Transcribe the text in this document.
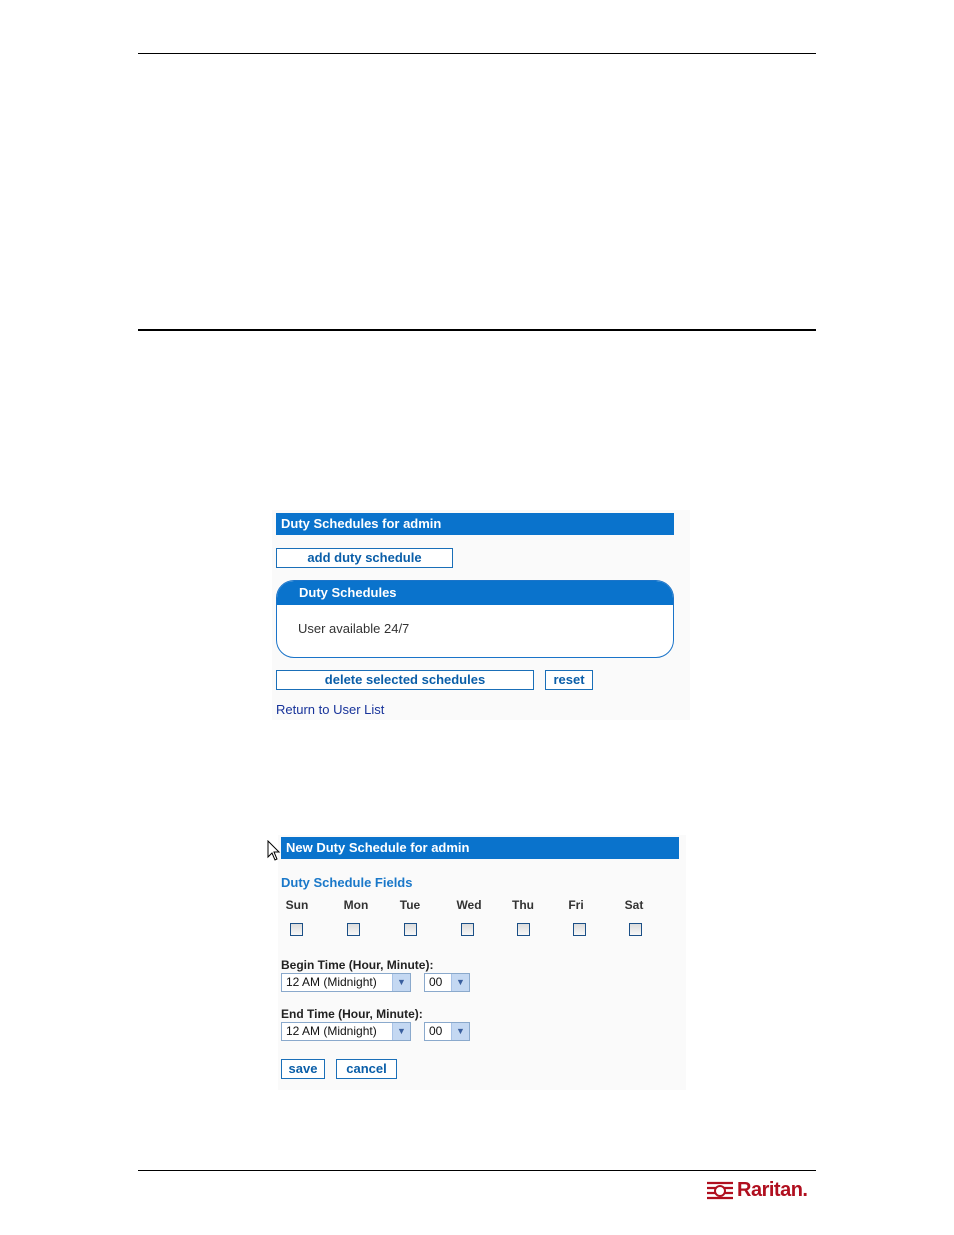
Duty Schedules for admin
add duty schedule
Duty Schedules
User available 24/7
delete selected schedules	reset
Return to User List
New Duty Schedule for admin
Duty Schedule Fields
Sun	Mon	Tue	Wed	Thu	Fri	Sat
Begin Time (Hour, Minute):
12 AM (Midnight)	▼	00	▼
End Time (Hour, Minute):
12 AM (Midnight)	▼	00	▼
save	cancel
Raritan.
